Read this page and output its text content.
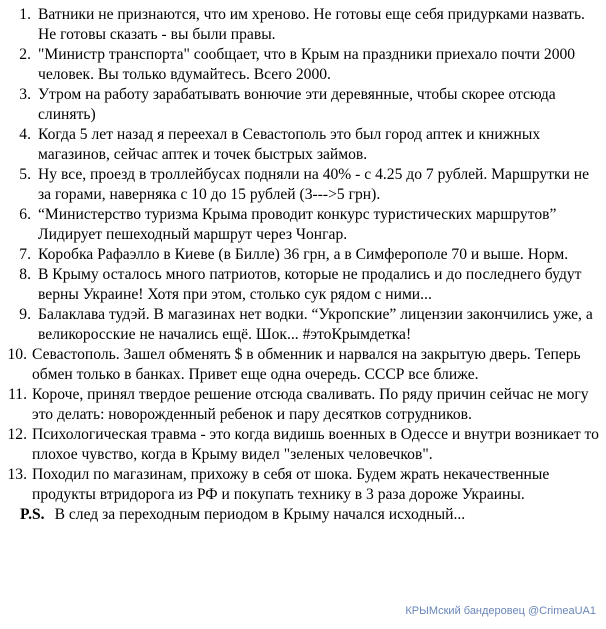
1. Ватники не признаются, что им хреново. Не готовы еще себя придурками назвать. Не готовы сказать - вы были правы.
2. "Министр транспорта" сообщает, что в Крым на праздники приехало почти 2000 человек. Вы только вдумайтесь. Всего 2000.
3. Утром на работу зарабатывать вонючие эти деревянные, чтобы скорее отсюда слинять)
4. Когда 5 лет назад я переехал в Севастополь это был город аптек и книжных магазинов, сейчас аптек и точек быстрых займов.
5. Ну все, проезд в троллейбусах подняли на 40% - с 4.25 до 7 рублей. Маршрутки не за горами, наверняка с 10 до 15 рублей (3--->5 грн).
6. “Министерство туризма Крыма проводит конкурс туристических маршрутов” Лидирует пешеходный маршрут через Чонгар.
7. Коробка Рафаэлло в Киеве (в Билле) 36 грн, а в Симферополе 70 и выше. Норм.
8. В Крыму осталось много патриотов, которые не продались и до последнего будут верны Украине! Хотя при этом, столько сук рядом с ними...
9. Балаклава тудэй. В магазинах нет водки. “Укропские” лицензии закончились уже, а великоросские не начались ещё. Шок... #этоКрымдетка!
10. Севастополь. Зашел обменять $ в обменник и нарвался на закрытую дверь. Теперь обмен только в банках. Привет еще одна очередь. СССР все ближе.
11. Короче, принял твердое решение отсюда сваливать. По ряду причин сейчас не могу это делать: новорожденный ребенок и пару десятков сотрудников.
12. Психологическая травма - это когда видишь военных в Одессе и внутри возникает то плохое чувство, когда в Крыму видел "зеленых человечков".
13. Походил по магазинам, прихожу в себя от шока. Будем жрать некачественные продукты втридорога из РФ и покупать технику в 3 раза дороже Украины.
P.S. В след за переходным периодом в Крыму начался исходный...
КРЫМский бандеровец @CrimeaUA1
